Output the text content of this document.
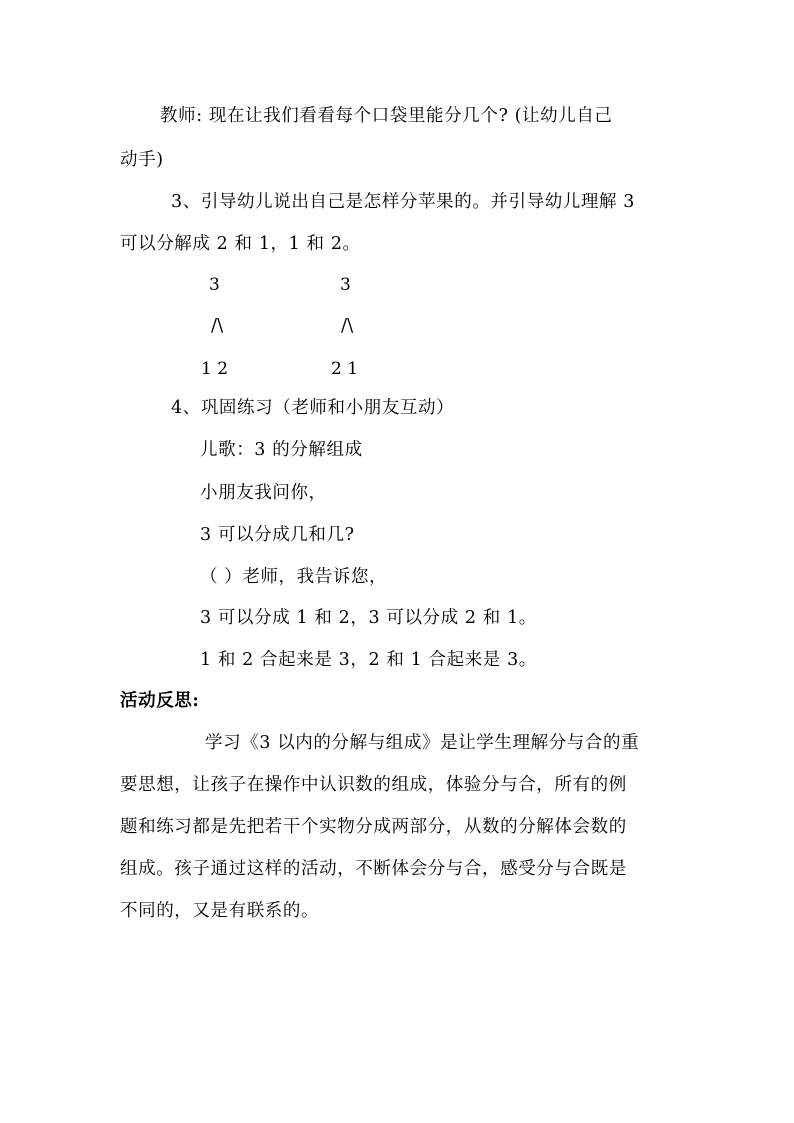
教师: 现在让我们看看每个口袋里能分几个? (让幼儿自己
动手)
3、引导幼儿说出自己是怎样分苹果的。并引导幼儿理解 3
可以分解成 2 和 1，1 和 2。
3
/\
1 2
3
/\
2 1
4、巩固练习（老师和小朋友互动）
儿歌：3 的分解组成
小朋友我问你，
3 可以分成几和几?
（ ）老师，我告诉您，
3 可以分成 1 和 2，3 可以分成 2 和 1。
1 和 2 合起来是 3，2 和 1 合起来是 3。
活动反思:
学习《3 以内的分解与组成》是让学生理解分与合的重
要思想，让孩子在操作中认识数的组成，体验分与合，所有的例
题和练习都是先把若干个实物分成两部分，从数的分解体会数的
组成。孩子通过这样的活动，不断体会分与合，感受分与合既是
不同的，又是有联系的。
